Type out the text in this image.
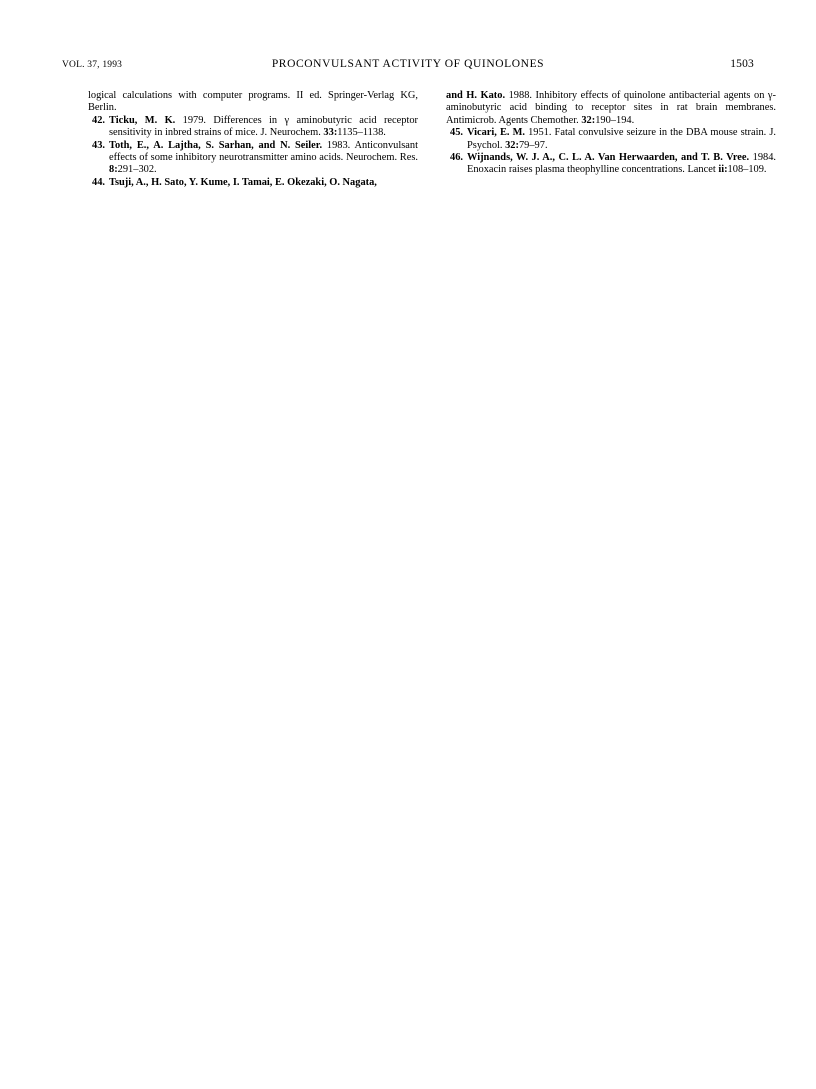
VOL. 37, 1993	PROCONVULSANT ACTIVITY OF QUINOLONES	1503
logical calculations with computer programs. II ed. Springer-Verlag KG, Berlin.
42. Ticku, M. K. 1979. Differences in γ aminobutyric acid receptor sensitivity in inbred strains of mice. J. Neurochem. 33:1135–1138.
43. Toth, E., A. Lajtha, S. Sarhan, and N. Seiler. 1983. Anticonvulsant effects of some inhibitory neurotransmitter amino acids. Neurochem. Res. 8:291–302.
44. Tsuji, A., H. Sato, Y. Kume, I. Tamai, E. Okezaki, O. Nagata,
and H. Kato. 1988. Inhibitory effects of quinolone antibacterial agents on γ-aminobutyric acid binding to receptor sites in rat brain membranes. Antimicrob. Agents Chemother. 32:190–194.
45. Vicari, E. M. 1951. Fatal convulsive seizure in the DBA mouse strain. J. Psychol. 32:79–97.
46. Wijnands, W. J. A., C. L. A. Van Herwaarden, and T. B. Vree. 1984. Enoxacin raises plasma theophylline concentrations. Lancet ii:108–109.
